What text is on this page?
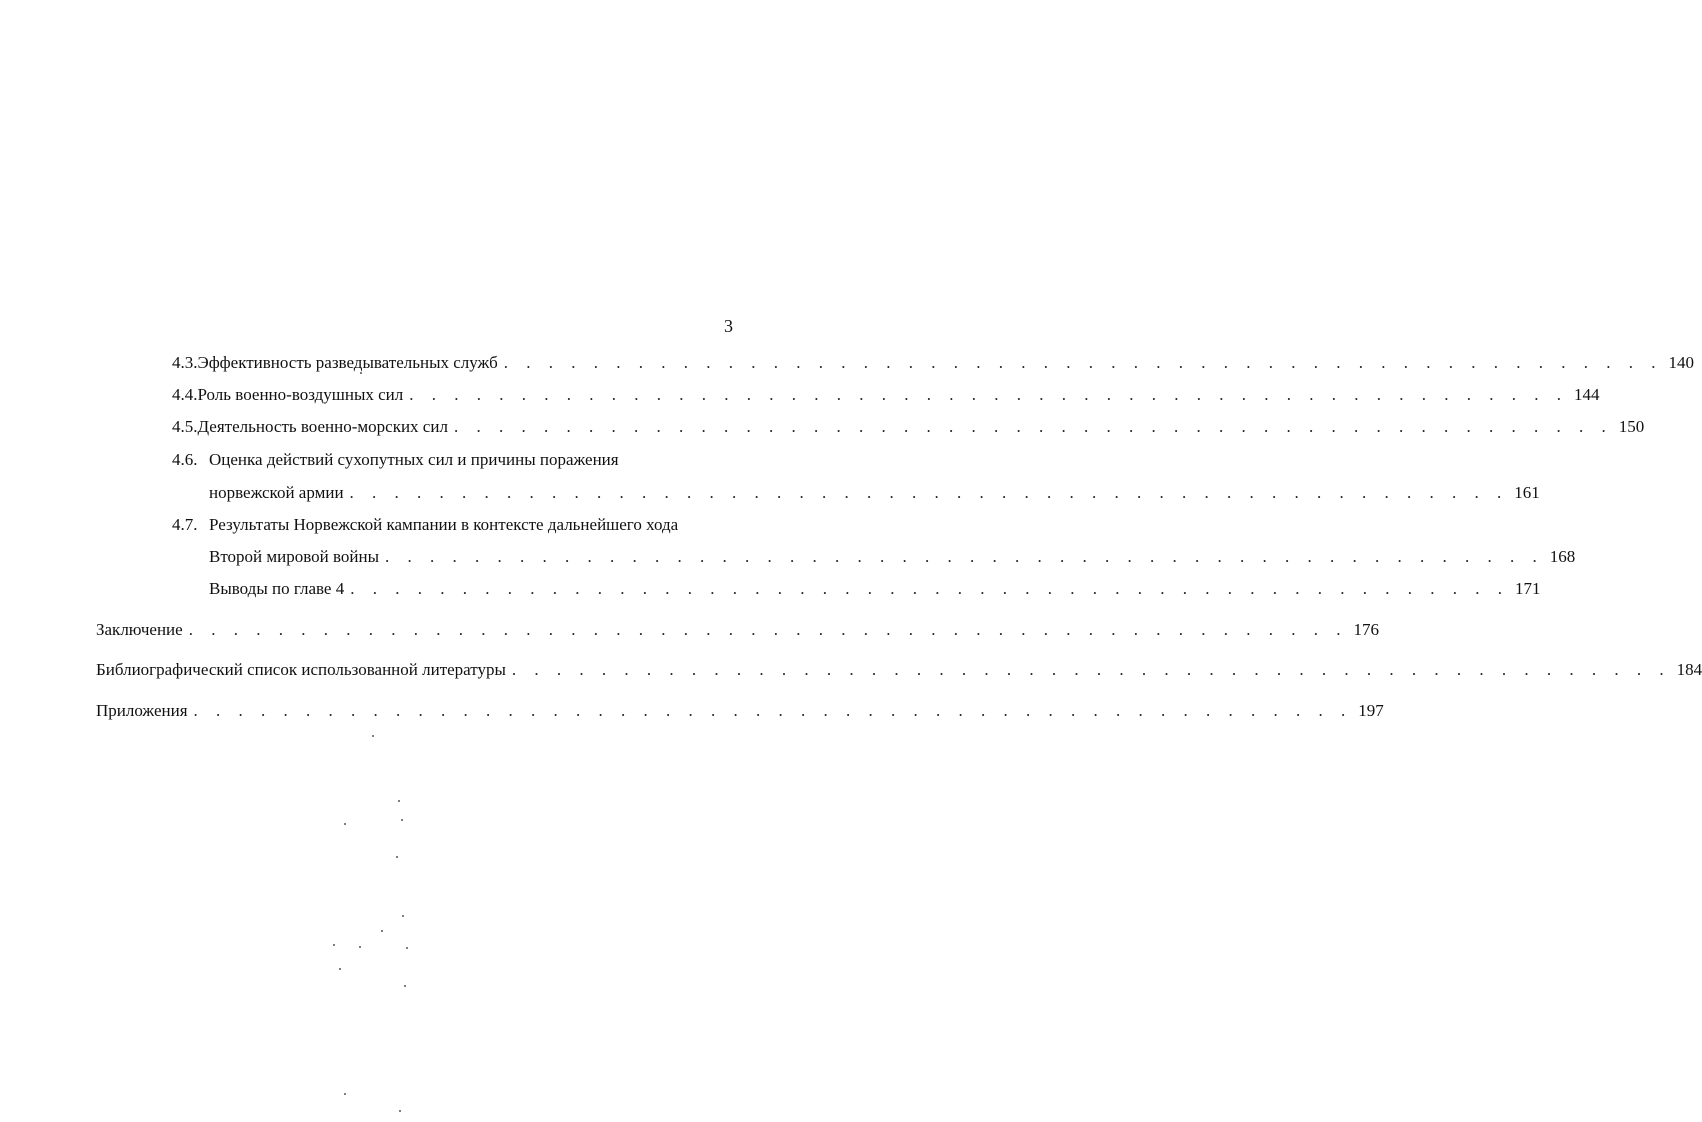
3
4.3. Эффективность разведывательных служб . . . . . . . . . . . . . . . . . . . . . . . . . . . . . . . . . . . . . . . . . . . . . . . . . . . . 140
4.4. Роль военно-воздушных сил . . . . . . . . . . . . . . . . . . . . . . . . . . . . . . . . . . . . . . . . . . . . . . . . . . . . 144
4.5. Деятельность военно-морских сил . . . . . . . . . . . . . . . . . . . . . . . . . . . . . . . . . . . . . . . . . . . . . . . . . . . . 150
4.6. Оценка действий сухопутных сил и причины поражения
норвежской армии . . . . . . . . . . . . . . . . . . . . . . . . . . . . . . . . . . . . . . . . . . . . . . . . . . . . 161
4.7. Результаты Норвежской кампании в контексте дальнейшего хода
Второй мировой войны . . . . . . . . . . . . . . . . . . . . . . . . . . . . . . . . . . . . . . . . . . . . . . . . . . . . 168
Выводы по главе 4 . . . . . . . . . . . . . . . . . . . . . . . . . . . . . . . . . . . . . . . . . . . . . . . . . . . . 171
Заключение . . . . . . . . . . . . . . . . . . . . . . . . . . . . . . . . . . . . . . . . . . . . . . . . . . . . 176
Библиографический список использованной литературы . . . . . . . . . . . . . . . . . . . . . . . . . . . . . . . . . . . . . . . . . . . . . . . . . . . . 184
Приложения . . . . . . . . . . . . . . . . . . . . . . . . . . . . . . . . . . . . . . . . . . . . . . . . . . . . 197
